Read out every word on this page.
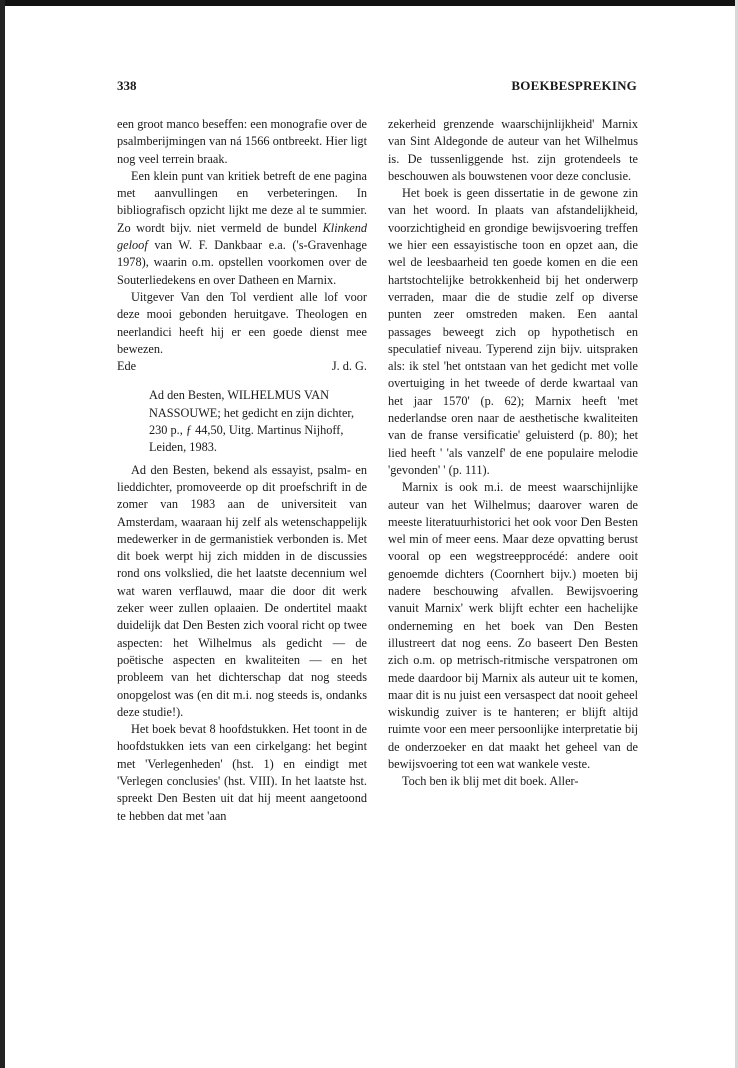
338	BOEKBESPREKING

een groot manco beseffen: een monografie over de psalmberijmingen van ná 1566 ontbreekt. Hier ligt nog veel terrein braak.

Een klein punt van kritiek betreft de ene pagina met aanvullingen en verbeteringen. In bibliografisch opzicht lijkt me deze al te summier. Zo wordt bijv. niet vermeld de bundel Klinkend geloof van W. F. Dankbaar e.a. ('s-Gravenhage 1978), waarin o.m. opstellen voorkomen over de Souterliedekens en over Datheen en Marnix.

Uitgever Van den Tol verdient alle lof voor deze mooi gebonden heruitgave. Theologen en neerlandici heeft hij er een goede dienst mee bewezen.

Ede	J. d. G.

Ad den Besten, WILHELMUS VAN NASSOUWE; het gedicht en zijn dichter, 230 p., ƒ 44,50, Uitg. Martinus Nijhoff, Leiden, 1983.

Ad den Besten, bekend als essayist, psalm- en lieddichter, promoveerde op dit proefschrift in de zomer van 1983 aan de universiteit van Amsterdam, waaraan hij zelf als wetenschappelijk medewerker in de germanistiek verbonden is. Met dit boek werpt hij zich midden in de discussies rond ons volkslied, die het laatste decennium wel wat waren verflauwd, maar die door dit werk zeker weer zullen oplaaien. De ondertitel maakt duidelijk dat Den Besten zich vooral richt op twee aspecten: het Wilhelmus als gedicht — de poëtische aspecten en kwaliteiten — en het probleem van het dichterschap dat nog steeds onopgelost was (en dit m.i. nog steeds is, ondanks deze studie!).

Het boek bevat 8 hoofdstukken. Het toont in de hoofdstukken iets van een cirkelgang: het begint met 'Verlegenheden' (hst. 1) en eindigt met 'Verlegen conclusies' (hst. VIII). In het laatste hst. spreekt Den Besten uit dat hij meent aangetoond te hebben dat met 'aan

zekerheid grenzende waarschijnlijkheid' Marnix van Sint Aldegonde de auteur van het Wilhelmus is. De tussenliggende hst. zijn grotendeels te beschouwen als bouwstenen voor deze conclusie.

Het boek is geen dissertatie in de gewone zin van het woord. In plaats van afstandelijkheid, voorzichtigheid en grondige bewijsvoering treffen we hier een essayistische toon en opzet aan, die wel de leesbaarheid ten goede komen en die een hartstochtelijke betrokkenheid bij het onderwerp verraden, maar die de studie zelf op diverse punten zeer omstreden maken. Een aantal passages beweegt zich op hypothetisch en speculatief niveau. Typerend zijn bijv. uitspraken als: ik stel 'het ontstaan van het gedicht met volle overtuiging in het tweede of derde kwartaal van het jaar 1570' (p. 62); Marnix heeft 'met nederlandse oren naar de aesthetische kwaliteiten van de franse versificatie' geluisterd (p. 80); het lied heeft ' 'als vanzelf' de ene populaire melodie 'gevonden' ' (p. 111).

Marnix is ook m.i. de meest waarschijnlijke auteur van het Wilhelmus; daarover waren de meeste literatuurhistorici het ook voor Den Besten wel min of meer eens. Maar deze opvatting berust vooral op een wegstreepprocédé: andere ooit genoemde dichters (Coornhert bijv.) moeten bij nadere beschouwing afvallen. Bewijsvoering vanuit Marnix' werk blijft echter een hachelijke onderneming en het boek van Den Besten illustreert dat nog eens. Zo baseert Den Besten zich o.m. op metrisch-ritmische verspatronen om mede daardoor bij Marnix als auteur uit te komen, maar dit is nu juist een versaspect dat nooit geheel wiskundig zuiver is te hanteren; er blijft altijd ruimte voor een meer persoonlijke interpretatie bij de onderzoeker en dat maakt het geheel van de bewijsvoering tot een wat wankele veste.

Toch ben ik blij met dit boek. Aller-
